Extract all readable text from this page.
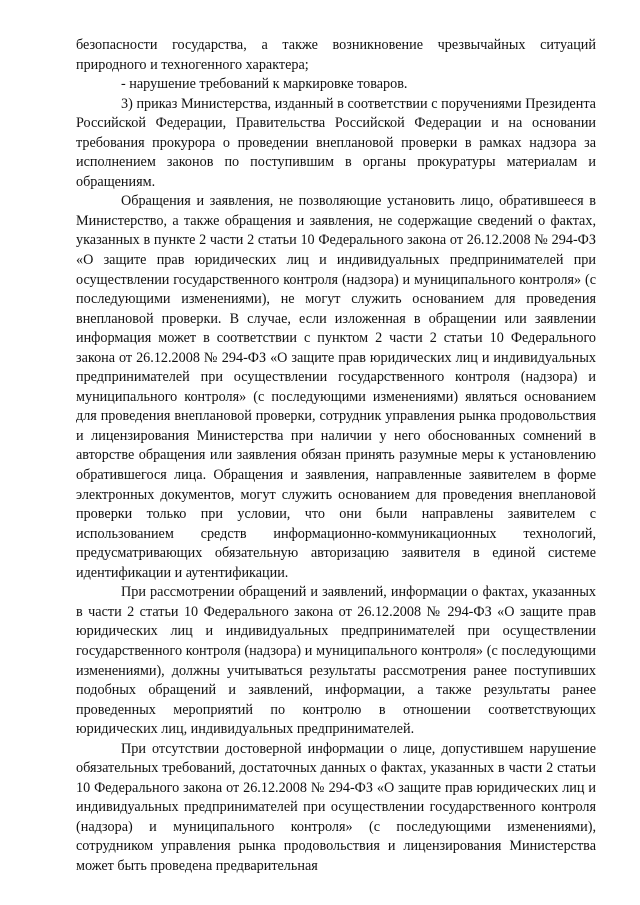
безопасности государства, а также возникновение чрезвычайных ситуаций природного и техногенного характера;

- нарушение требований к маркировке товаров.

3) приказ Министерства, изданный в соответствии с поручениями Президента Российской Федерации, Правительства Российской Федерации и на основании требования прокурора о проведении внеплановой проверки в рамках надзора за исполнением законов по поступившим в органы прокуратуры материалам и обращениям.

Обращения и заявления, не позволяющие установить лицо, обратившееся в Министерство, а также обращения и заявления, не содержащие сведений о фактах, указанных в пункте 2 части 2 статьи 10 Федерального закона от 26.12.2008 № 294-ФЗ «О защите прав юридических лиц и индивидуальных предпринимателей при осуществлении государственного контроля (надзора) и муниципального контроля» (с последующими изменениями), не могут служить основанием для проведения внеплановой проверки. В случае, если изложенная в обращении или заявлении информация может в соответствии с пунктом 2 части 2 статьи 10 Федерального закона от 26.12.2008 № 294-ФЗ «О защите прав юридических лиц и индивидуальных предпринимателей при осуществлении государственного контроля (надзора) и муниципального контроля» (с последующими изменениями) являться основанием для проведения внеплановой проверки, сотрудник управления рынка продовольствия и лицензирования Министерства при наличии у него обоснованных сомнений в авторстве обращения или заявления обязан принять разумные меры к установлению обратившегося лица. Обращения и заявления, направленные заявителем в форме электронных документов, могут служить основанием для проведения внеплановой проверки только при условии, что они были направлены заявителем с использованием средств информационно-коммуникационных технологий, предусматривающих обязательную авторизацию заявителя в единой системе идентификации и аутентификации.

При рассмотрении обращений и заявлений, информации о фактах, указанных в части 2 статьи 10 Федерального закона от 26.12.2008 № 294-ФЗ «О защите прав юридических лиц и индивидуальных предпринимателей при осуществлении государственного контроля (надзора) и муниципального контроля» (с последующими изменениями), должны учитываться результаты рассмотрения ранее поступивших подобных обращений и заявлений, информации, а также результаты ранее проведенных мероприятий по контролю в отношении соответствующих юридических лиц, индивидуальных предпринимателей.

При отсутствии достоверной информации о лице, допустившем нарушение обязательных требований, достаточных данных о фактах, указанных в части 2 статьи 10 Федерального закона от 26.12.2008 № 294-ФЗ «О защите прав юридических лиц и индивидуальных предпринимателей при осуществлении государственного контроля (надзора) и муниципального контроля» (с последующими изменениями), сотрудником управления рынка продовольствия и лицензирования Министерства может быть проведена предварительная
